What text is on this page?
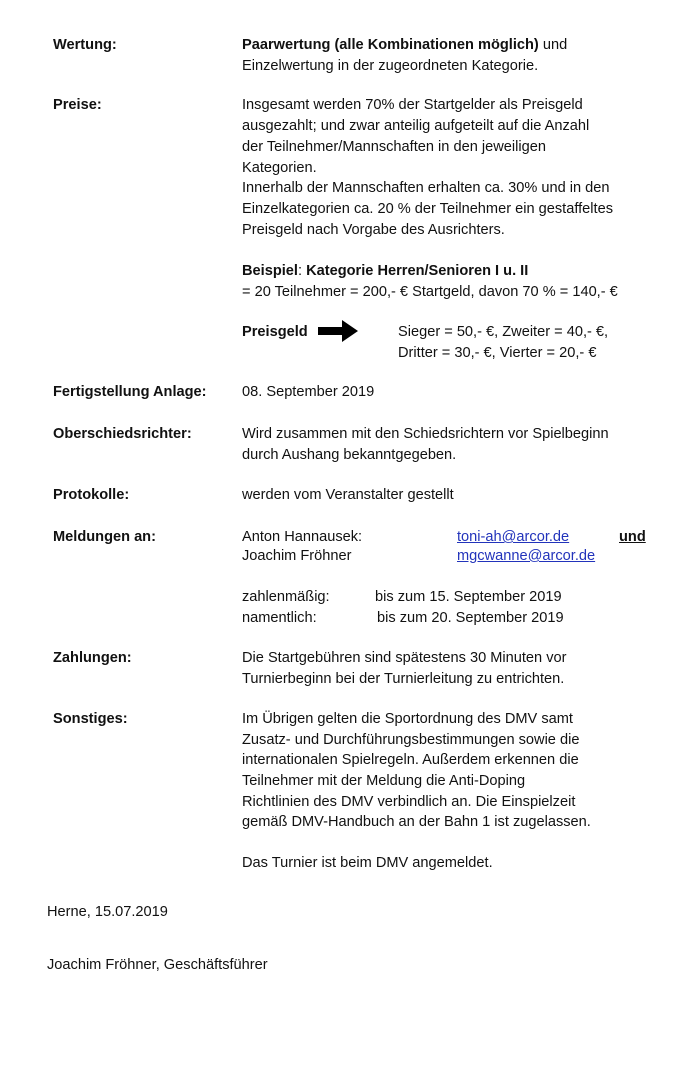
Wertung:	Paarwertung (alle Kombinationen möglich) und
Einzelwertung in der zugeordneten Kategorie.
Preise:	Insgesamt werden 70% der Startgelder als Preisgeld
ausgezahlt; und zwar anteilig aufgeteilt auf die Anzahl
der Teilnehmer/Mannschaften in den jeweiligen
Kategorien.
Innerhalb der Mannschaften erhalten ca. 30% und in den
Einzelkategorien ca. 20 % der Teilnehmer ein gestaffeltes
Preisgeld nach Vorgabe des Ausrichters.
Beispiel: Kategorie Herren/Senioren I u. II
= 20 Teilnehmer = 200,- € Startgeld, davon 70 % = 140,- €
Preisgeld	Sieger = 50,- €, Zweiter = 40,- €,
Dritter = 30,- €, Vierter = 20,- €
Fertigstellung Anlage: 08. September 2019
Oberschiedsrichter:	Wird zusammen mit den Schiedsrichtern vor Spielbeginn
durch Aushang bekanntgegeben.
Protokolle:	werden vom Veranstalter gestellt
Meldungen an:	Anton Hannausek:	toni-ah@arcor.de	und
Joachim Fröhner	mgcwanne@arcor.de
zahlenmäßig:	bis zum 15. September 2019
namentlich:	bis zum 20. September 2019
Zahlungen:	Die Startgebühren sind spätestens 30 Minuten vor
Turnierbeginn bei der Turnierleitung zu entrichten.
Sonstiges:	Im Übrigen gelten die Sportordnung des DMV samt
Zusatz- und Durchführungsbestimmungen sowie die
internationalen Spielregeln. Außerdem erkennen die
Teilnehmer mit der Meldung die Anti-Doping
Richtlinien des DMV verbindlich an. Die Einspielzeit
gemäß DMV-Handbuch an der Bahn 1 ist zugelassen.
Das Turnier ist beim DMV angemeldet.
Herne, 15.07.2019
Joachim Fröhner, Geschäftsführer
